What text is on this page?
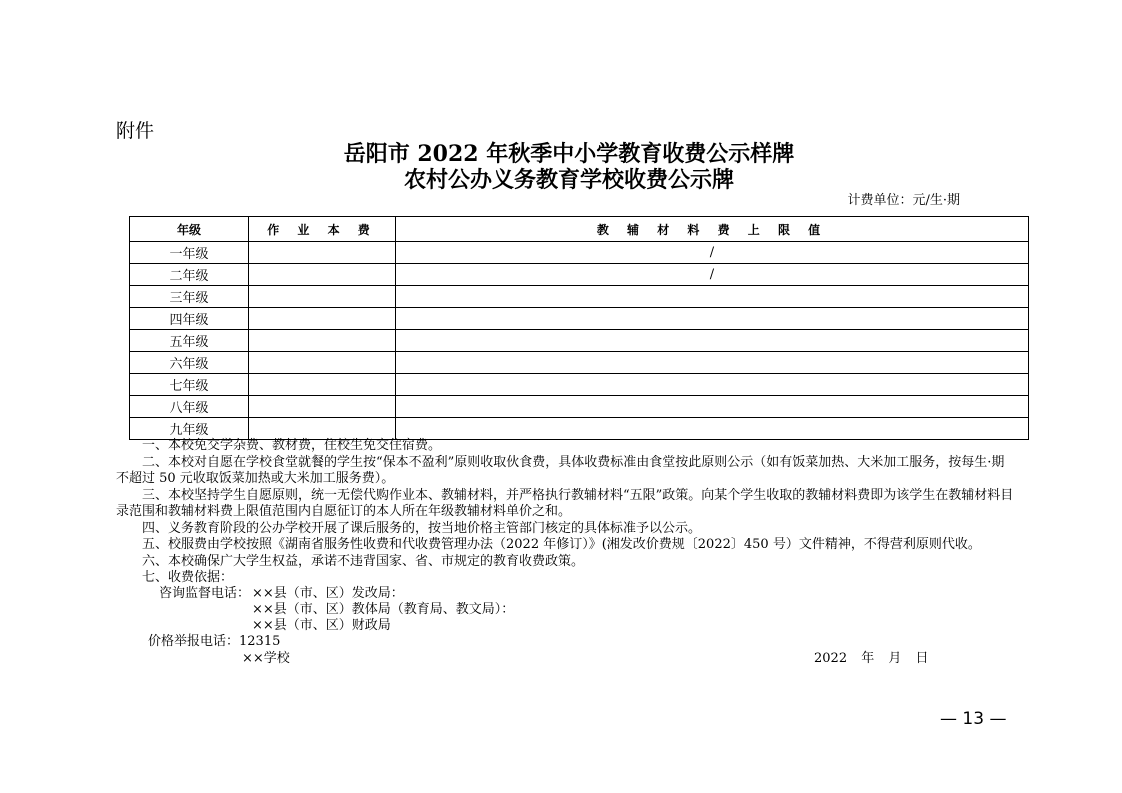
附件
岳阳市 2022 年秋季中小学教育收费公示样牌
农村公办义务教育学校收费公示牌
计费单位：元/生·期
年级	作 业 本 费	教 辅 材 料 费 上 限 值
一年级		/
二年级		/
三年级		
四年级		
五年级		
六年级		
七年级		
八年级		
九年级		

一、本校免交学杂费、教材费，住校生免交住宿费。

二、本校对自愿在学校食堂就餐的学生按“保本不盈利”原则收取伙食费，具体收费标准由食堂按此原则公示（如有饭菜加热、大米加工服务，按每生·期不超过 50 元收取饭菜加热或大米加工服务费）。

三、本校坚持学生自愿原则，统一无偿代购作业本、教辅材料，并严格执行教辅材料“五限”政策。向某个学生收取的教辅材料费即为该学生在教辅材料目录范围和教辅材料费上限值范围内自愿征订的本人所在年级教辅材料单价之和。

四、义务教育阶段的公办学校开展了课后服务的，按当地价格主管部门核定的具体标准予以公示。

五、校服费由学校按照《湖南省服务性收费和代收费管理办法（2022 年修订）》(湘发改价费规〔2022〕450 号）文件精神，不得营利原则代收。

六、本校确保广大学生权益，承诺不违背国家、省、市规定的教育收费政策。

七、收费依据：

咨询监督电话： ××县（市、区）发改局：
××县（市、区）教体局（教育局、教文局）：
××县（市、区）财政局
价格举报电话：12315
××学校	2022 年 月 日
— 13 —
